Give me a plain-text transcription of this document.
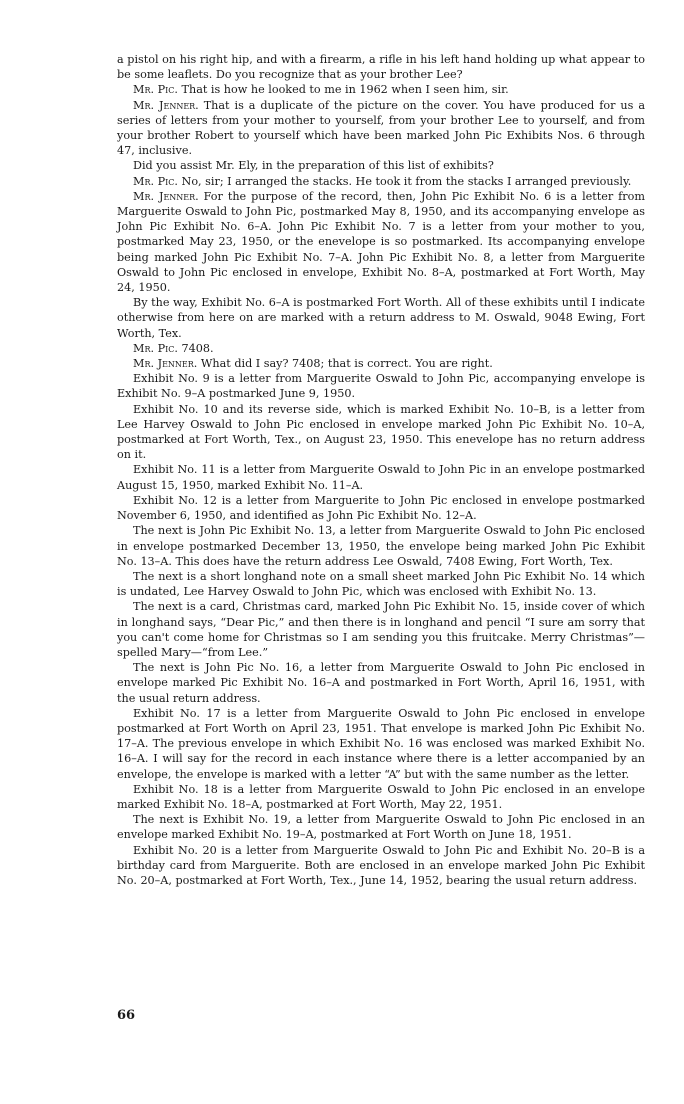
a pistol on his right hip, and with a firearm, a rifle in his left hand holding up what appear to be some leaflets. Do you recognize that as your brother Lee?

Mr. Pic. That is how he looked to me in 1962 when I seen him, sir.

Mr. Jenner. That is a duplicate of the picture on the cover. You have produced for us a series of letters from your mother to yourself, from your brother Lee to yourself, and from your brother Robert to yourself which have been marked John Pic Exhibits Nos. 6 through 47, inclusive.

Did you assist Mr. Ely, in the preparation of this list of exhibits?

Mr. Pic. No, sir; I arranged the stacks. He took it from the stacks I arranged previously.

Mr. Jenner. For the purpose of the record, then, John Pic Exhibit No. 6 is a letter from Marguerite Oswald to John Pic, postmarked May 8, 1950, and its accompanying envelope as John Pic Exhibit No. 6–A. John Pic Exhibit No. 7 is a letter from your mother to you, postmarked May 23, 1950, or the enevelope is so postmarked. Its accompanying envelope being marked John Pic Exhibit No. 7–A. John Pic Exhibit No. 8, a letter from Marguerite Oswald to John Pic enclosed in envelope, Exhibit No. 8–A, postmarked at Fort Worth, May 24, 1950.

By the way, Exhibit No. 6–A is postmarked Fort Worth. All of these exhibits until I indicate otherwise from here on are marked with a return address to M. Oswald, 9048 Ewing, Fort Worth, Tex.

Mr. Pic. 7408.

Mr. Jenner. What did I say? 7408; that is correct. You are right.

Exhibit No. 9 is a letter from Marguerite Oswald to John Pic, accompanying envelope is Exhibit No. 9–A postmarked June 9, 1950.

Exhibit No. 10 and its reverse side, which is marked Exhibit No. 10–B, is a letter from Lee Harvey Oswald to John Pic enclosed in envelope marked John Pic Exhibit No. 10–A, postmarked at Fort Worth, Tex., on August 23, 1950. This enevelope has no return address on it.

Exhibit No. 11 is a letter from Marguerite Oswald to John Pic in an envelope postmarked August 15, 1950, marked Exhibit No. 11–A.

Exhibit No. 12 is a letter from Marguerite to John Pic enclosed in envelope postmarked November 6, 1950, and identified as John Pic Exhibit No. 12–A.

The next is John Pic Exhibit No. 13, a letter from Marguerite Oswald to John Pic enclosed in envelope postmarked December 13, 1950, the envelope being marked John Pic Exhibit No. 13–A. This does have the return address Lee Oswald, 7408 Ewing, Fort Worth, Tex.

The next is a short longhand note on a small sheet marked John Pic Exhibit No. 14 which is undated, Lee Harvey Oswald to John Pic, which was enclosed with Exhibit No. 13.

The next is a card, Christmas card, marked John Pic Exhibit No. 15, inside cover of which in longhand says, “Dear Pic,” and then there is in longhand and pencil “I sure am sorry that you can't come home for Christmas so I am sending you this fruitcake. Merry Christmas”—spelled Mary—“from Lee.”

The next is John Pic No. 16, a letter from Marguerite Oswald to John Pic enclosed in envelope marked Pic Exhibit No. 16–A and postmarked in Fort Worth, April 16, 1951, with the usual return address.

Exhibit No. 17 is a letter from Marguerite Oswald to John Pic enclosed in envelope postmarked at Fort Worth on April 23, 1951. That envelope is marked John Pic Exhibit No. 17–A. The previous envelope in which Exhibit No. 16 was enclosed was marked Exhibit No. 16–A. I will say for the record in each instance where there is a letter accompanied by an envelope, the envelope is marked with a letter “A” but with the same number as the letter.

Exhibit No. 18 is a letter from Marguerite Oswald to John Pic enclosed in an envelope marked Exhibit No. 18–A, postmarked at Fort Worth, May 22, 1951.

The next is Exhibit No. 19, a letter from Marguerite Oswald to John Pic enclosed in an envelope marked Exhibit No. 19–A, postmarked at Fort Worth on June 18, 1951.

Exhibit No. 20 is a letter from Marguerite Oswald to John Pic and Exhibit No. 20–B is a birthday card from Marguerite. Both are enclosed in an envelope marked John Pic Exhibit No. 20–A, postmarked at Fort Worth, Tex., June 14, 1952, bearing the usual return address.

66
